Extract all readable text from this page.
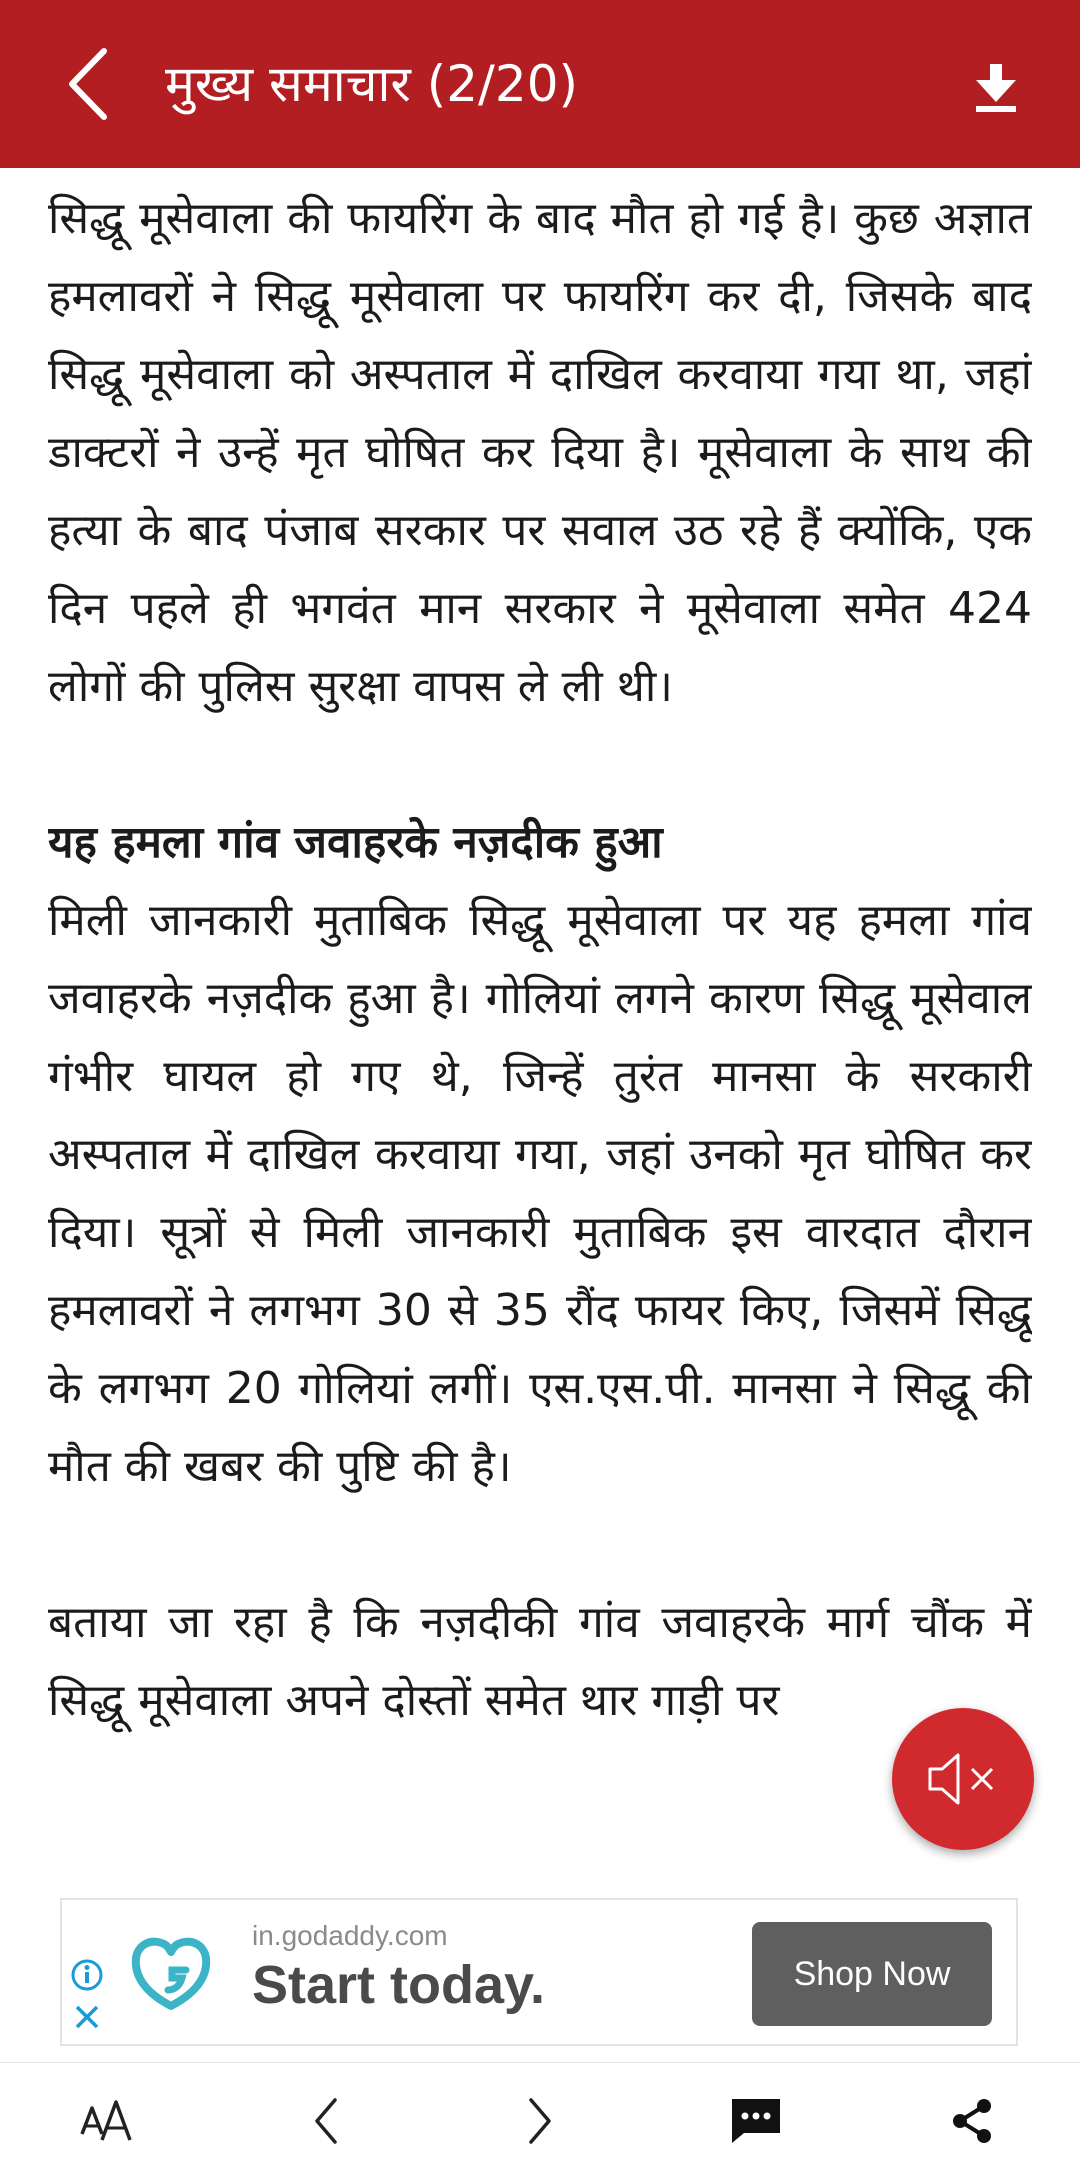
मुख्य समाचार (2/20)

सिद्धू मूसेवाला की फायरिंग के बाद मौत हो गई है। कुछ अज्ञात हमलावरों ने सिद्धू मूसेवाला पर फायरिंग कर दी, जिसके बाद सिद्धू मूसेवाला को अस्पताल में दाखिल करवाया गया था, जहां डाक्टरों ने उन्हें मृत घोषित कर दिया है। मूसेवाला के साथ की हत्या के बाद पंजाब सरकार पर सवाल उठ रहे हैं क्योंकि, एक दिन पहले ही भगवंत मान सरकार ने मूसेवाला समेत 424 लोगों की पुलिस सुरक्षा वापस ले ली थी।

यह हमला गांव जवाहरके नज़दीक हुआ

मिली जानकारी मुताबिक सिद्धू मूसेवाला पर यह हमला गांव जवाहरके नज़दीक हुआ है। गोलियां लगने कारण सिद्धू मूसेवाल गंभीर घायल हो गए थे, जिन्हें तुरंत मानसा के सरकारी अस्पताल में दाखिल करवाया गया, जहां उनको मृत घोषित कर दिया। सूत्रों से मिली जानकारी मुताबिक इस वारदात दौरान हमलावरों ने लगभग 30 से 35 रौंद फायर किए, जिसमें सिद्धू के लगभग 20 गोलियां लगीं। एस.एस.पी. मानसा ने सिद्धू की मौत की खबर की पुष्टि की है।

बताया जा रहा है कि नज़दीकी गांव जवाहरके मार्ग चौंक में सिद्धू मूसेवाला अपने दोस्तों समेत थार गाड़ी पर

in.godaddy.com
Start today.	Shop Now
